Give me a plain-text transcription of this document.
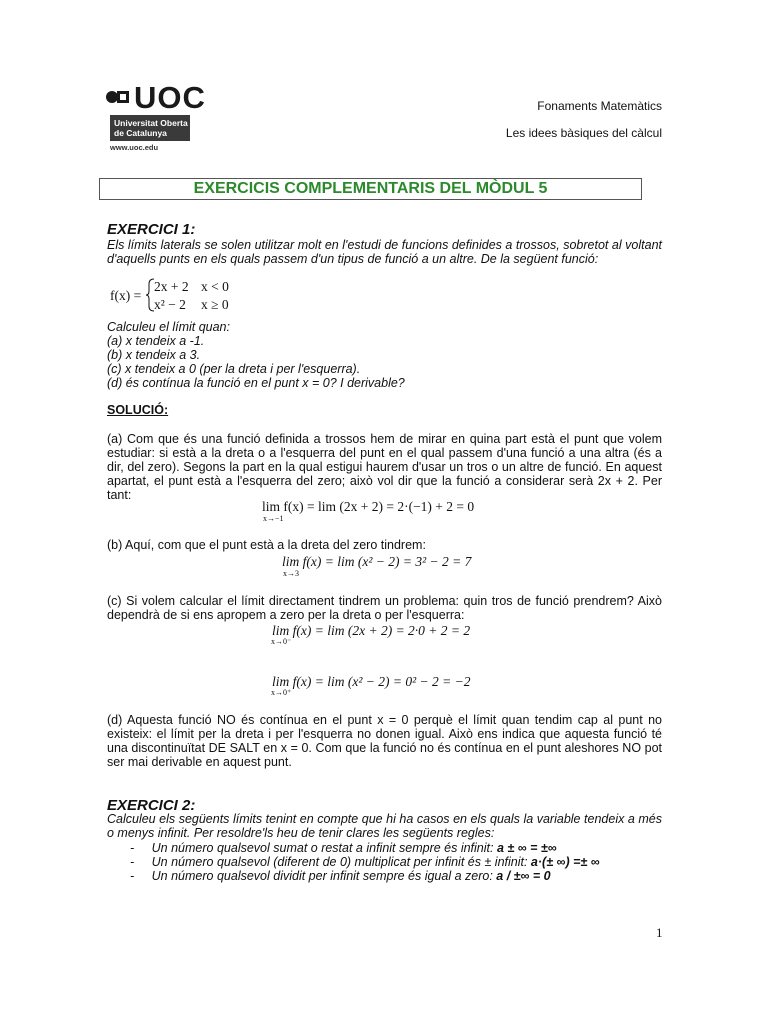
UOC
Universitat Oberta
de Catalunya
www.uoc.edu
Fonaments Matemàtics
Les idees bàsiques del càlcul
EXERCICIS COMPLEMENTARIS DEL MÒDUL 5
EXERCICI 1:
Els límits laterals se solen utilitzar molt en l'estudi de funcions definides a trossos, sobretot al voltant d'aquells punts en els quals passem d'un tipus de funció a un altre. De la següent funció:
f(x) =
2x + 2 x < 0
x² − 2 x ≥ 0
Calculeu el límit quan:
(a) x tendeix a -1.
(b) x tendeix a 3.
(c) x tendeix a 0 (per la dreta i per l'esquerra).
(d) és contínua la funció en el punt x = 0? I derivable?
SOLUCIÓ:
(a) Com que és una funció definida a trossos hem de mirar en quina part està el punt que volem estudiar: si està a la dreta o a l'esquerra del punt en el qual passem d'una funció a una altra (és a dir, del zero). Segons la part en la qual estigui haurem d'usar un tros o un altre de funció. En aquest apartat, el punt està a l'esquerra del zero; això vol dir que la funció a considerar serà 2x + 2. Per tant:
lim f(x) = lim (2x + 2) = 2·(−1) + 2 = 0
x→−1
(b) Aquí, com que el punt està a la dreta del zero tindrem:
lim f(x) = lim (x² − 2) = 3² − 2 = 7
x→3
(c) Si volem calcular el límit directament tindrem un problema: quin tros de funció prendrem? Això dependrà de si ens apropem a zero per la dreta o per l'esquerra:
lim f(x) = lim (2x + 2) = 2·0 + 2 = 2
x→0⁻
lim f(x) = lim (x² − 2) = 0² − 2 = −2
x→0⁺
(d) Aquesta funció NO és contínua en el punt x = 0 perquè el límit quan tendim cap al punt no existeix: el límit per la dreta i per l'esquerra no donen igual. Això ens indica que aquesta funció té una discontinuïtat DE SALT en x = 0. Com que la funció no és contínua en el punt aleshores NO pot ser mai derivable en aquest punt.
EXERCICI 2:
Calculeu els següents límits tenint en compte que hi ha casos en els quals la variable tendeix a més o menys infinit. Per resoldre'ls heu de tenir clares les següents regles:
- Un número qualsevol sumat o restat a infinit sempre és infinit: a ± ∞ = ±∞
- Un número qualsevol (diferent de 0) multiplicat per infinit és ± infinit: a·(± ∞) =± ∞
- Un número qualsevol dividit per infinit sempre és igual a zero: a / ±∞ = 0
1
